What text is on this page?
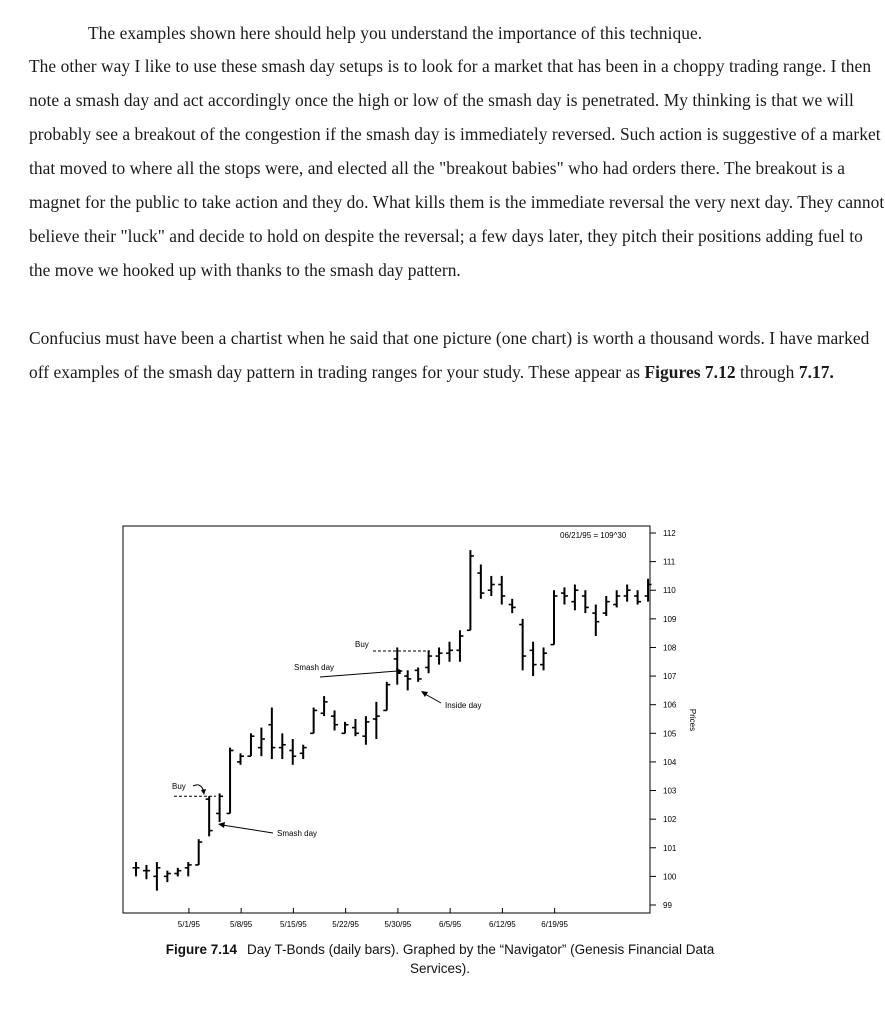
The examples shown here should help you understand the importance of this technique.
The other way I like to use these smash day setups is to look for a market that has been in a choppy trading range. I then note a smash day and act accordingly once the high or low of the smash day is penetrated. My thinking is that we will probably see a breakout of the congestion if the smash day is immediately reversed. Such action is suggestive of a market that moved to where all the stops were, and elected all the "breakout babies" who had orders there. The breakout is a magnet for the public to take action and they do. What kills them is the immediate reversal the very next day. They cannot believe their "luck" and decide to hold on despite the reversal; a few days later, they pitch their positions adding fuel to the move we hooked up with thanks to the smash day pattern.
Confucius must have been a chartist when he said that one picture (one chart) is worth a thousand words. I have marked off examples of the smash day pattern in trading ranges for your study. These appear as Figures 7.12 through 7.17.
112
111
110
109
108
107
106
105
104
103
102
101
100
99
5/1/95	5/8/95	5/15/95	5/22/95	5/30/95	6/5/95	6/12/95	6/19/95
Buy
Smash day
Buy
Smash day
Inside day
06/21/95 = 109^30
Prices
Figure 7.14 Day T-Bonds (daily bars). Graphed by the “Navigator” (Genesis Financial Data Services).
